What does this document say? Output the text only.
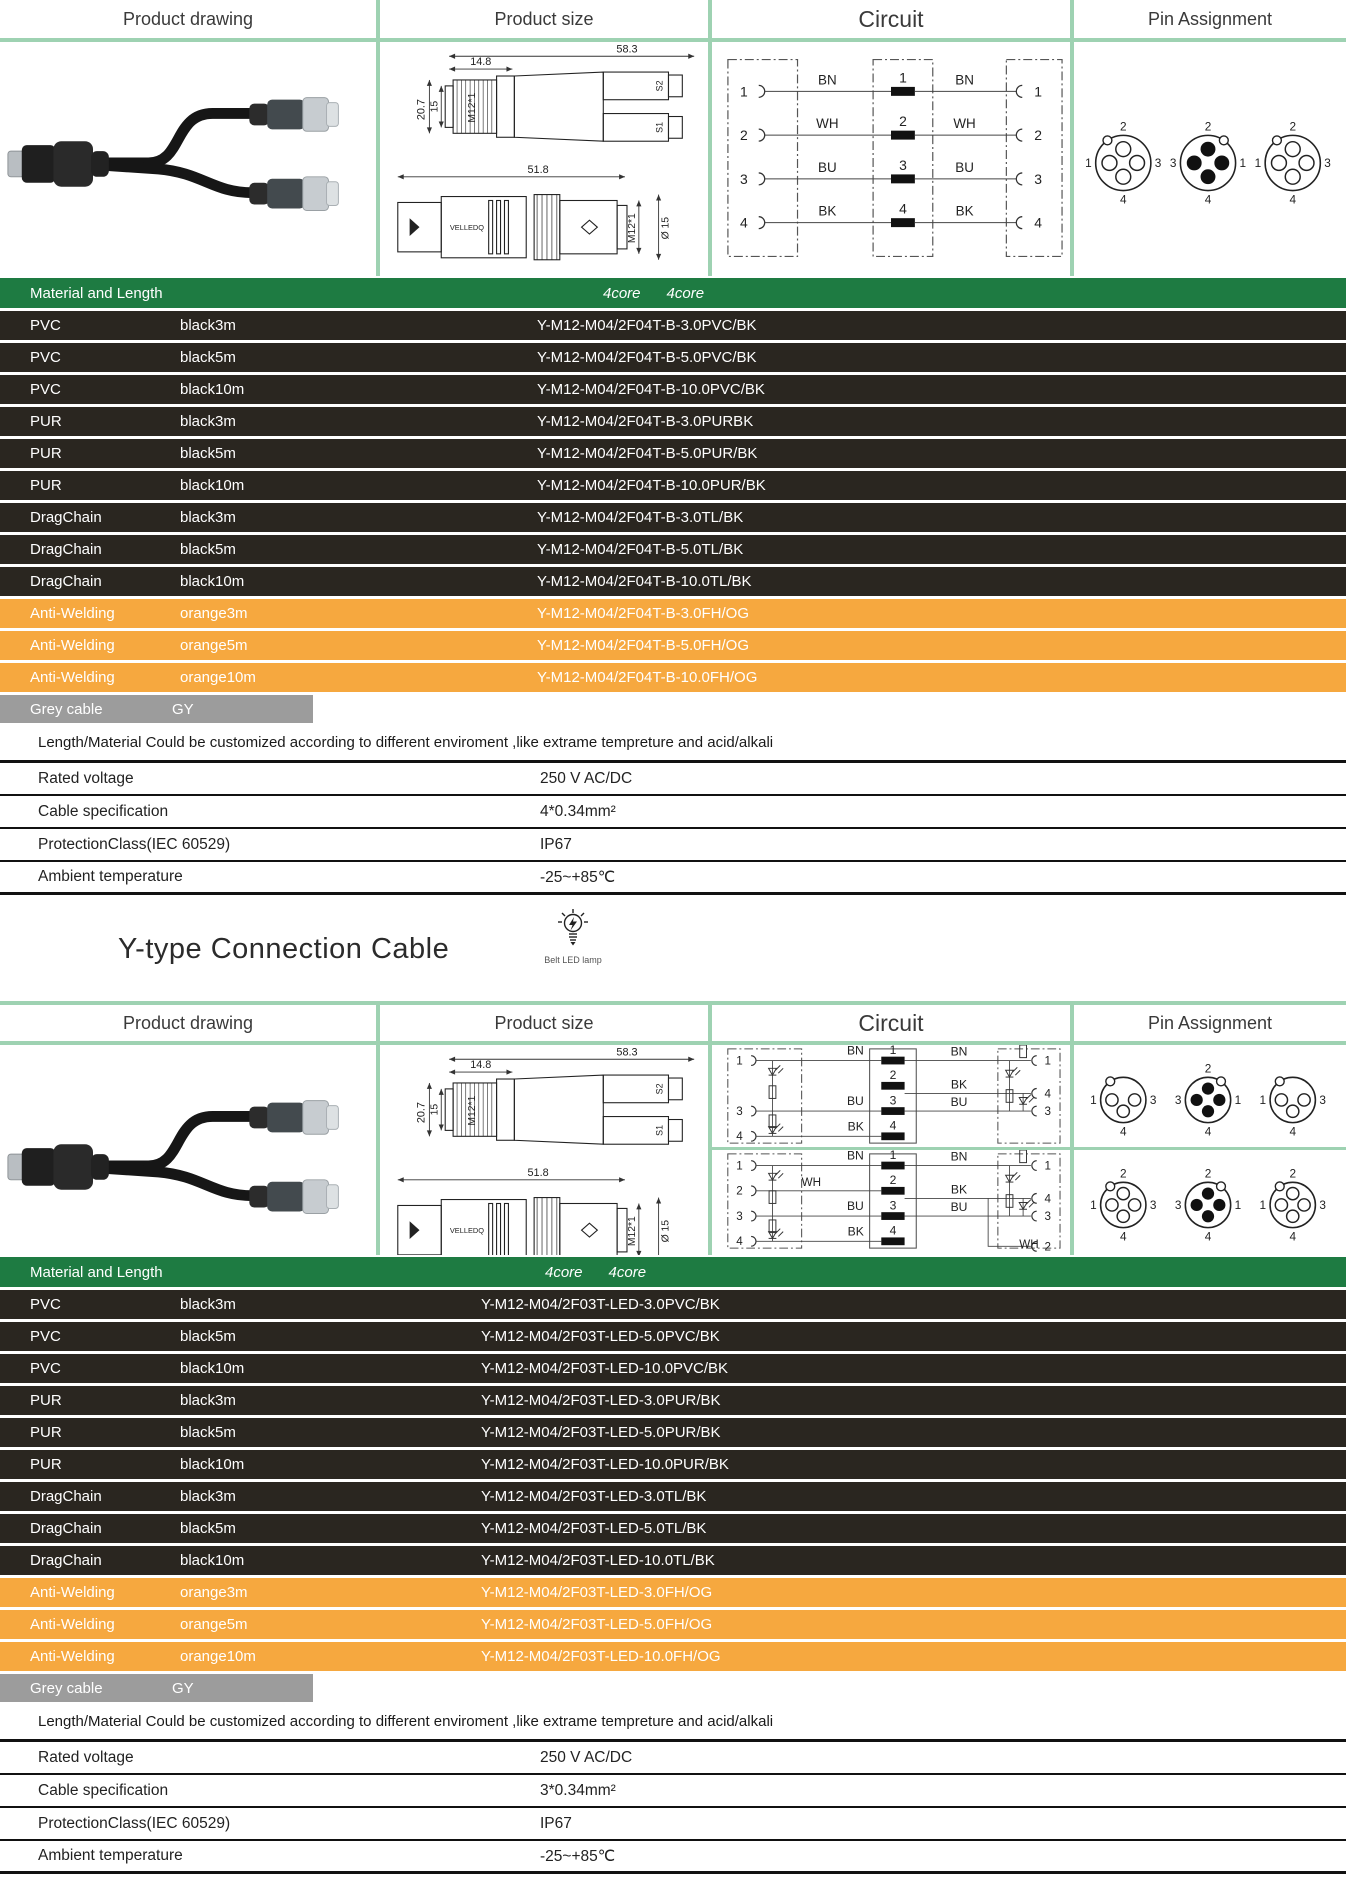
Product drawing	Product size	Circuit	Pin Assignment
58.3
14.8
20.7 15	M12*1
S2
S1
51.8
VELLEDQ	M12*1 Ø 15
1
BN	1	BN
1
2
WH	2	WH
2
3
BU	3	BU
3
4
BK	4	BK
4
2
3
4
1
2
1
4
3
2
3
4
1
Material and Length	4core 4core
PVC	black3m	Y-M12-M04/2F04T-B-3.0PVC/BK
PVC	black5m	Y-M12-M04/2F04T-B-5.0PVC/BK
PVC	black10m	Y-M12-M04/2F04T-B-10.0PVC/BK
PUR	black3m	Y-M12-M04/2F04T-B-3.0PURBK
PUR	black5m	Y-M12-M04/2F04T-B-5.0PUR/BK
PUR	black10m	Y-M12-M04/2F04T-B-10.0PUR/BK
DragChain	black3m	Y-M12-M04/2F04T-B-3.0TL/BK
DragChain	black5m	Y-M12-M04/2F04T-B-5.0TL/BK
DragChain	black10m	Y-M12-M04/2F04T-B-10.0TL/BK
Anti-Welding	orange3m	Y-M12-M04/2F04T-B-3.0FH/OG
Anti-Welding	orange5m	Y-M12-M04/2F04T-B-5.0FH/OG
Anti-Welding	orange10m	Y-M12-M04/2F04T-B-10.0FH/OG
Grey cable	GY
Length/Material Could be customized according to different enviroment ,like extrame tempreture and acid/alkali
Rated voltage	250 V AC/DC
Cable specification	4*0.34mm²
ProtectionClass(IEC 60529)	IP67
Ambient temperature	-25~+85℃
Y-type Connection Cable	Belt LED lamp
Product drawing	Product size	Circuit	Pin Assignment
58.3
14.8
20.7 15	M12*1
S2
S1
51.8
VELLEDQ	M12*1 Ø 15
1
3
4
1
BN
2
3
BU
4
BK
BN
1
BK
4
BU
3
1
2
3
4
WH
1
BN
2
3
BU
4
BK
BN
1
BK
4
BU
3
2
WH
3
4
1
2
1
4
3	3
4
1
2
3
4
1
2
1
4
3
2
3
4
1
Material and Length	4core 4core
PVC	black3m	Y-M12-M04/2F03T-LED-3.0PVC/BK
PVC	black5m	Y-M12-M04/2F03T-LED-5.0PVC/BK
PVC	black10m	Y-M12-M04/2F03T-LED-10.0PVC/BK
PUR	black3m	Y-M12-M04/2F03T-LED-3.0PUR/BK
PUR	black5m	Y-M12-M04/2F03T-LED-5.0PUR/BK
PUR	black10m	Y-M12-M04/2F03T-LED-10.0PUR/BK
DragChain	black3m	Y-M12-M04/2F03T-LED-3.0TL/BK
DragChain	black5m	Y-M12-M04/2F03T-LED-5.0TL/BK
DragChain	black10m	Y-M12-M04/2F03T-LED-10.0TL/BK
Anti-Welding	orange3m	Y-M12-M04/2F03T-LED-3.0FH/OG
Anti-Welding	orange5m	Y-M12-M04/2F03T-LED-5.0FH/OG
Anti-Welding	orange10m	Y-M12-M04/2F03T-LED-10.0FH/OG
Grey cable	GY
Length/Material Could be customized according to different enviroment ,like extrame tempreture and acid/alkali
Rated voltage	250 V AC/DC
Cable specification	3*0.34mm²
ProtectionClass(IEC 60529)	IP67
Ambient temperature	-25~+85℃
